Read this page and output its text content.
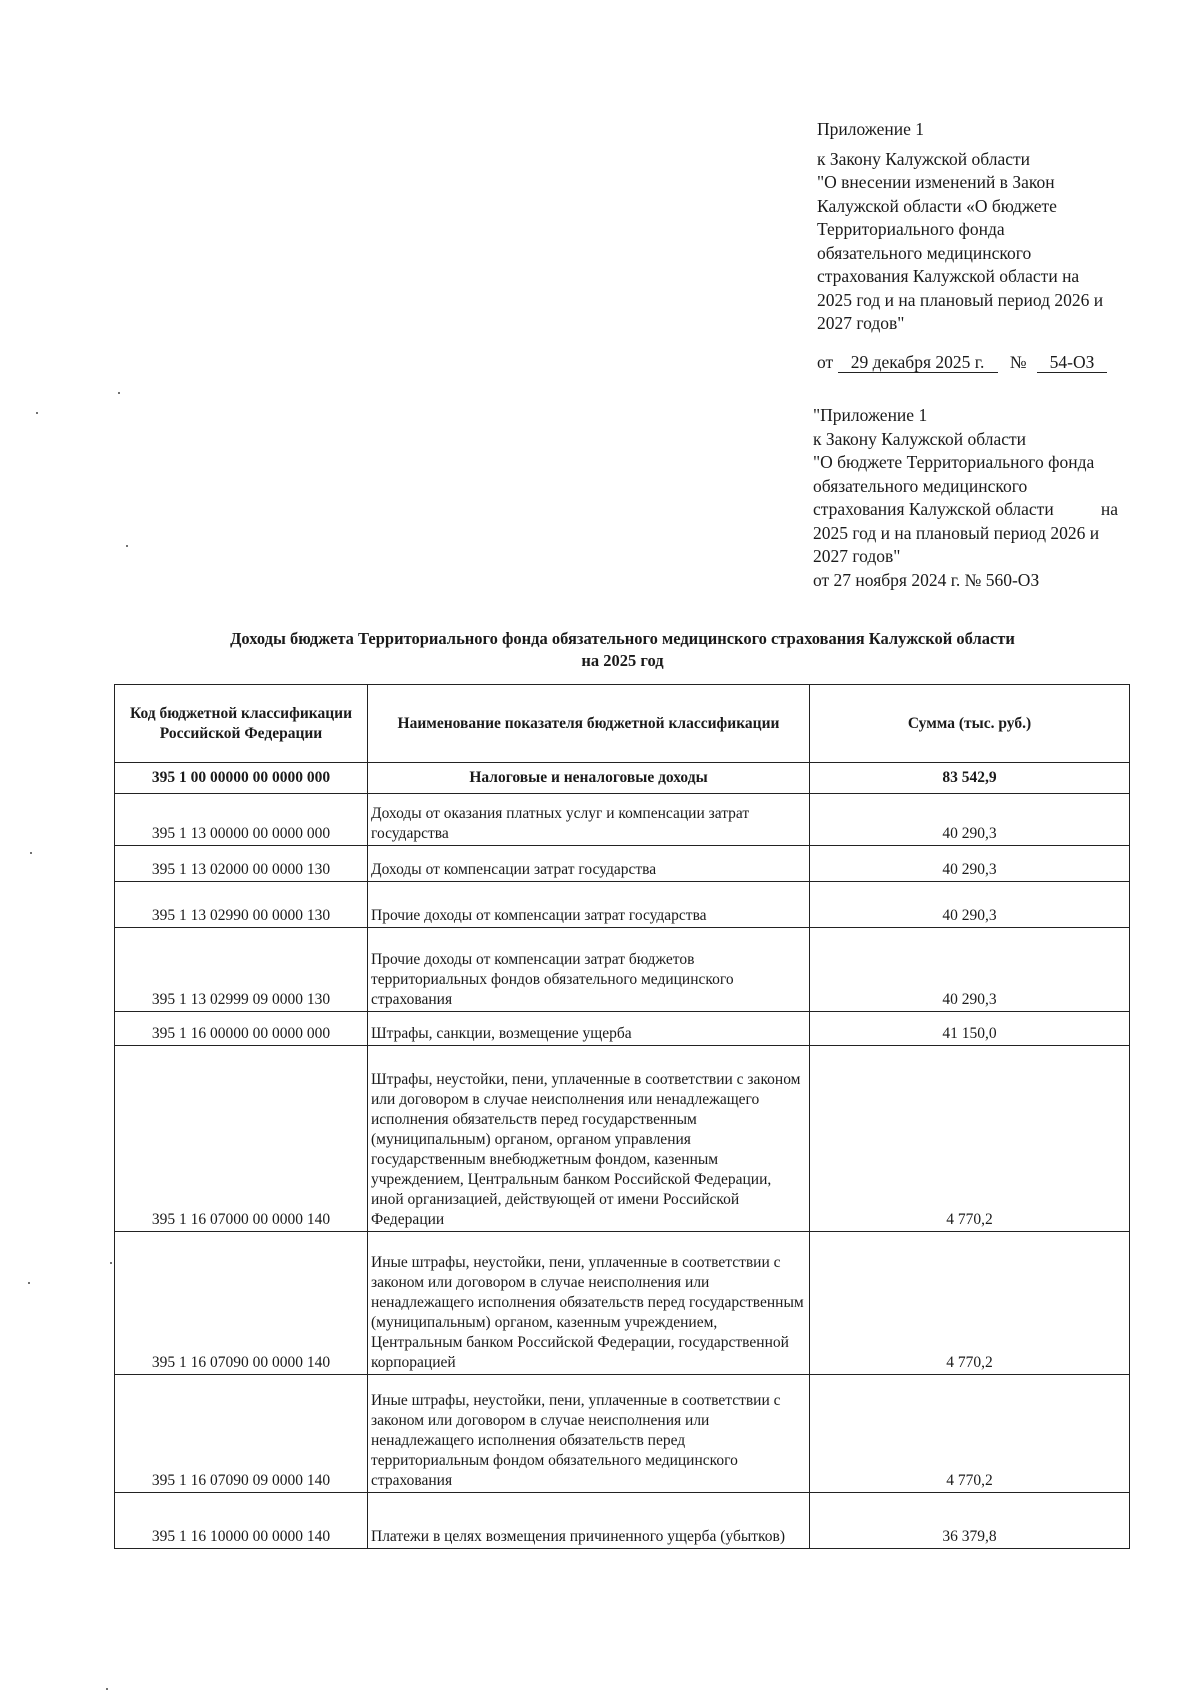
Приложение 1
к Закону Калужской области
"О внесении изменений в Закон
Калужской области «О бюджете
Территориального фонда
обязательного медицинского
страхования Калужской области на
2025 год и на плановый период 2026 и
2027 годов"
от 29 декабря 2025 г. № 54-ОЗ
"Приложение 1
к Закону Калужской области
"О бюджете Территориального фонда
обязательного медицинского
страхования Калужской области	на
2025 год и на плановый период 2026 и
2027 годов"
от 27 ноября 2024 г. № 560-ОЗ
Доходы бюджета Территориального фонда обязательного медицинского страхования Калужской области
на 2025 год
Код бюджетной классификации Российской Федерации	Наименование показателя бюджетной классификации	Сумма (тыс. руб.)
395 1 00 00000 00 0000 000	Налоговые и неналоговые доходы	83 542,9
395 1 13 00000 00 0000 000	Доходы от оказания платных услуг и компенсации затрат государства	40 290,3
395 1 13 02000 00 0000 130	Доходы от компенсации затрат государства	40 290,3
395 1 13 02990 00 0000 130	Прочие доходы от компенсации затрат государства	40 290,3
395 1 13 02999 09 0000 130	Прочие доходы от компенсации затрат бюджетов территориальных фондов обязательного медицинского страхования	40 290,3
395 1 16 00000 00 0000 000	Штрафы, санкции, возмещение ущерба	41 150,0
395 1 16 07000 00 0000 140	Штрафы, неустойки, пени, уплаченные в соответствии с законом или договором в случае неисполнения или ненадлежащего исполнения обязательств перед государственным (муниципальным) органом, органом управления государственным внебюджетным фондом, казенным учреждением, Центральным банком Российской Федерации, иной организацией, действующей от имени Российской Федерации	4 770,2
395 1 16 07090 00 0000 140	Иные штрафы, неустойки, пени, уплаченные в соответствии с законом или договором в случае неисполнения или ненадлежащего исполнения обязательств перед государственным (муниципальным) органом, казенным учреждением, Центральным банком Российской Федерации, государственной корпорацией	4 770,2
395 1 16 07090 09 0000 140	Иные штрафы, неустойки, пени, уплаченные в соответствии с законом или договором в случае неисполнения или ненадлежащего исполнения обязательств перед территориальным фондом обязательного медицинского страхования	4 770,2
395 1 16 10000 00 0000 140	Платежи в целях возмещения причиненного ущерба (убытков)	36 379,8
